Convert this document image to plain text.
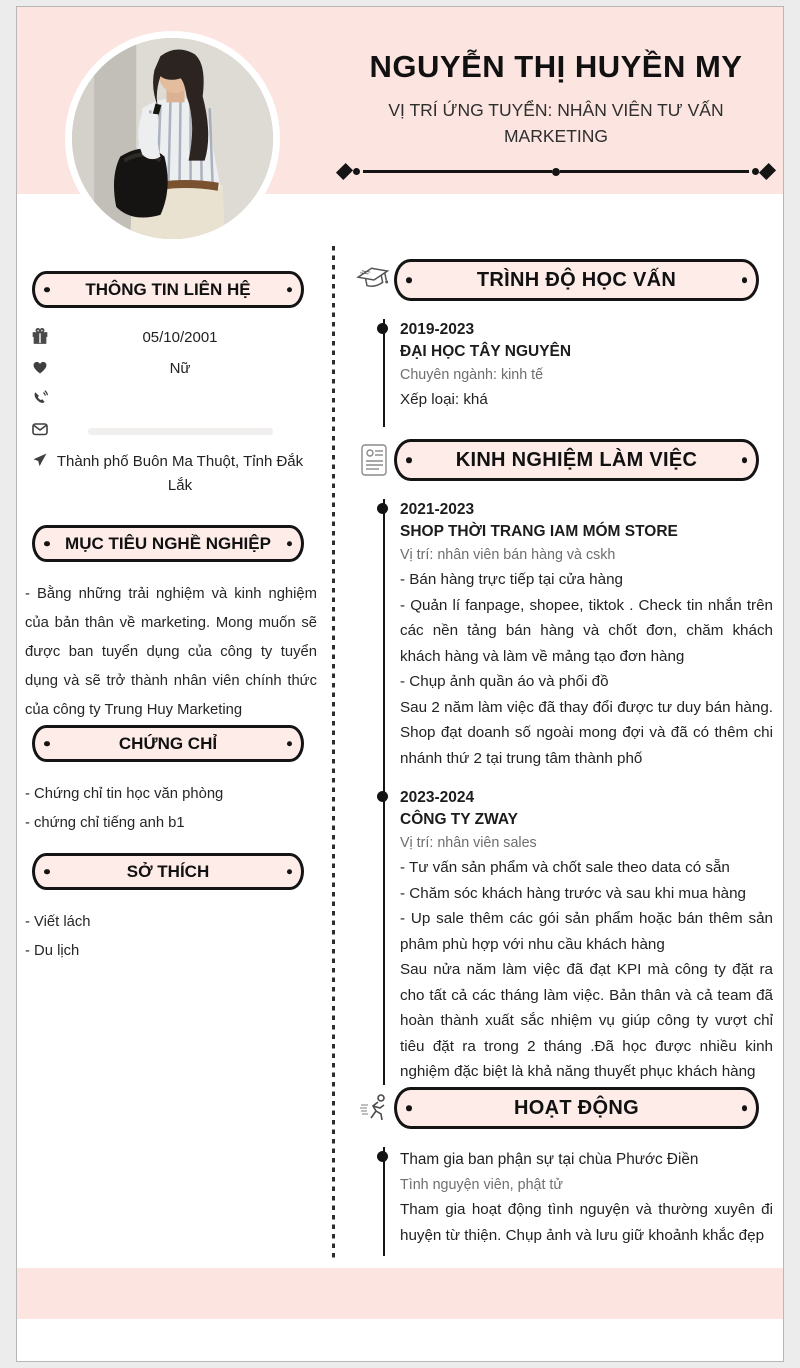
NGUYỄN THỊ HUYỀN MY
VỊ TRÍ ỨNG TUYỂN: NHÂN VIÊN TƯ VẤN MARKETING
THÔNG TIN LIÊN HỆ
05/10/2001
Nữ
Thành phố Buôn Ma Thuột, Tỉnh Đắk Lắk
MỤC TIÊU NGHỀ NGHIỆP
- Bằng những trải nghiệm và kinh nghiệm của bản thân về marketing. Mong muốn sẽ được ban tuyển dụng của công ty tuyển dụng và sẽ trở thành nhân viên chính thức của công ty Trung Huy Marketing
CHỨNG CHỈ
- Chứng chỉ tin học văn phòng
- chứng chỉ tiếng anh b1
SỞ THÍCH
- Viết lách
- Du lịch
TRÌNH ĐỘ HỌC VẤN
2019-2023
ĐẠI HỌC TÂY NGUYÊN
Chuyên ngành: kinh tế
Xếp loại: khá
KINH NGHIỆM LÀM VIỆC
2021-2023
SHOP THỜI TRANG IAM MÓM STORE
Vị trí: nhân viên bán hàng và cskh

- Bán hàng trực tiếp tại cửa hàng

- Quản lí fanpage, shopee, tiktok . Check tin nhắn trên các nền tảng bán hàng và chốt đơn, chăm khách khách hàng và làm về mảng tạo đơn hàng

- Chụp ảnh quần áo và phối đồ

Sau 2 năm làm việc đã thay đổi được tư duy bán hàng. Shop đạt doanh số ngoài mong đợi và đã có thêm chi nhánh thứ 2 tại trung tâm thành phố

2023-2024
CÔNG TY ZWAY
Vị trí: nhân viên sales

- Tư vấn sản phẩm và chốt sale theo data có sẵn

- Chăm sóc khách hàng trước và sau khi mua hàng

- Up sale thêm các gói sản phẩm hoặc bán thêm sản phâm phù hợp với nhu cầu khách hàng

Sau nửa năm làm việc đã đạt KPI mà công ty đặt ra cho tất cả các tháng làm việc. Bản thân và cả team đã hoàn thành xuất sắc nhiệm vụ giúp công ty vượt chỉ tiêu đặt ra trong 2 tháng .Đã học được nhiều kinh nghiệm đặc biệt là khả năng thuyết phục khách hàng

HOẠT ĐỘNG
Tham gia ban phận sự tại chùa Phước Điền
Tình nguyện viên, phật tử

Tham gia hoạt động tình nguyện và thường xuyên đi huyện từ thiện. Chụp ảnh và lưu giữ khoảnh khắc đẹp
